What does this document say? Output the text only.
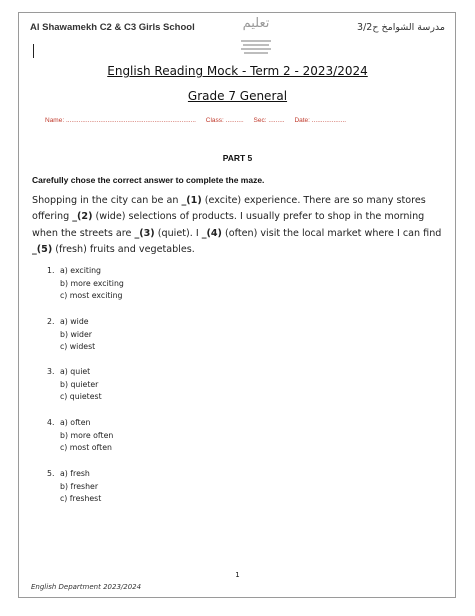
Al Shawamekh C2 & C3 Girls School	مدرسة الشوامخ ح3/2
تعليم
English Reading Mock - Term 2 - 2023/2024
Grade 7 General
Name: ........................................................................ Class: .......... Sec: ......... Date: ...................
PART 5
Carefully chose the correct answer to complete the maze.
Shopping in the city can be an _(1) (excite) experience. There are so many stores offering _(2) (wide) selections of products. I usually prefer to shop in the morning when the streets are _(3) (quiet). I _(4) (often) visit the local market where I can find _(5) (fresh) fruits and vegetables.
1. a) exciting
b) more exciting
c) most exciting
2. a) wide
b) wider
c) widest
3. a) quiet
b) quieter
c) quietest
4. a) often
b) more often
c) most often
5. a) fresh
b) fresher
c) freshest
1
English Department 2023/2024
